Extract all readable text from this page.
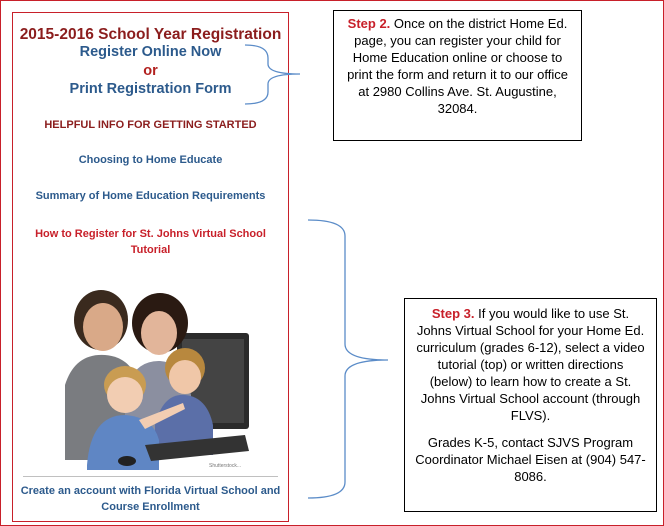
2015-2016 School Year Registration
Register Online Now
or
Print Registration Form
HELPFUL INFO FOR GETTING STARTED
Choosing to Home Educate
Summary of Home Education Requirements
How to Register for St. Johns Virtual School Tutorial
Shutterstock...
Create an account with Florida Virtual School and Course Enrollment

Step 2. Once on the district Home Ed. page, you can register your child for Home Education online or choose to print the form and return it to our office at 2980 Collins Ave. St. Augustine, 32084.

Step 3. If you would like to use St. Johns Virtual School for your Home Ed. curriculum (grades 6-12), select a video tutorial (top) or written directions (below) to learn how to create a St. Johns Virtual School account (through FLVS).

Grades K-5, contact SJVS Program Coordinator Michael Eisen at (904) 547-8086.
